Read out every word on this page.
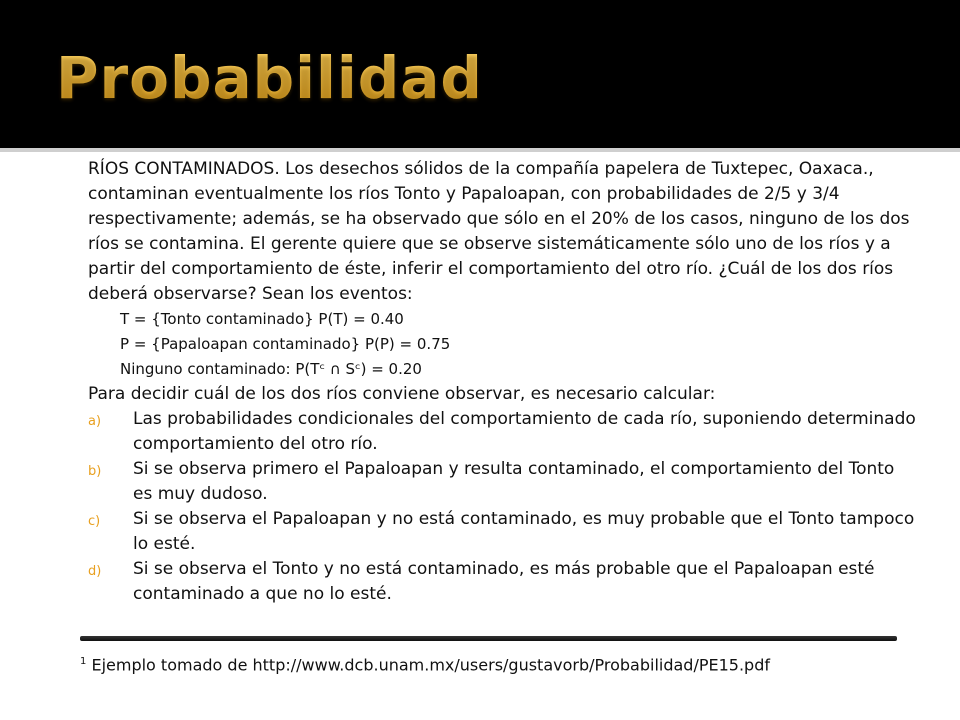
Probabilidad

RÍOS CONTAMINADOS. Los desechos sólidos de la compañía papelera de Tuxtepec, Oaxaca., contaminan eventualmente los ríos Tonto y Papaloapan, con probabilidades de 2/5 y 3/4 respectivamente; además, se ha observado que sólo en el 20% de los casos, ninguno de los dos ríos se contamina. El gerente quiere que se observe sistemáticamente sólo uno de los ríos y a partir del comportamiento de éste, inferir el comportamiento del otro río. ¿Cuál de los dos ríos deberá observarse? Sean los eventos:

T = {Tonto contaminado} P(T) = 0.40

P = {Papaloapan contaminado} P(P) = 0.75

Ninguno contaminado: P(Tᶜ ∩ Sᶜ) = 0.20

Para decidir cuál de los dos ríos conviene observar, es necesario calcular:

a)	Las probabilidades condicionales del comportamiento de cada río, suponiendo determinado comportamiento del otro río.
b)	Si se observa primero el Papaloapan y resulta contaminado, el comportamiento del Tonto es muy dudoso.
c)	Si se observa el Papaloapan y no está contaminado, es muy probable que el Tonto tampoco lo esté.
d)	Si se observa el Tonto y no está contaminado, es más probable que el Papaloapan esté contaminado a que no lo esté.

$^1$ Ejemplo tomado de http://www.dcb.unam.mx/users/gustavorb/Probabilidad/PE15.pdf
